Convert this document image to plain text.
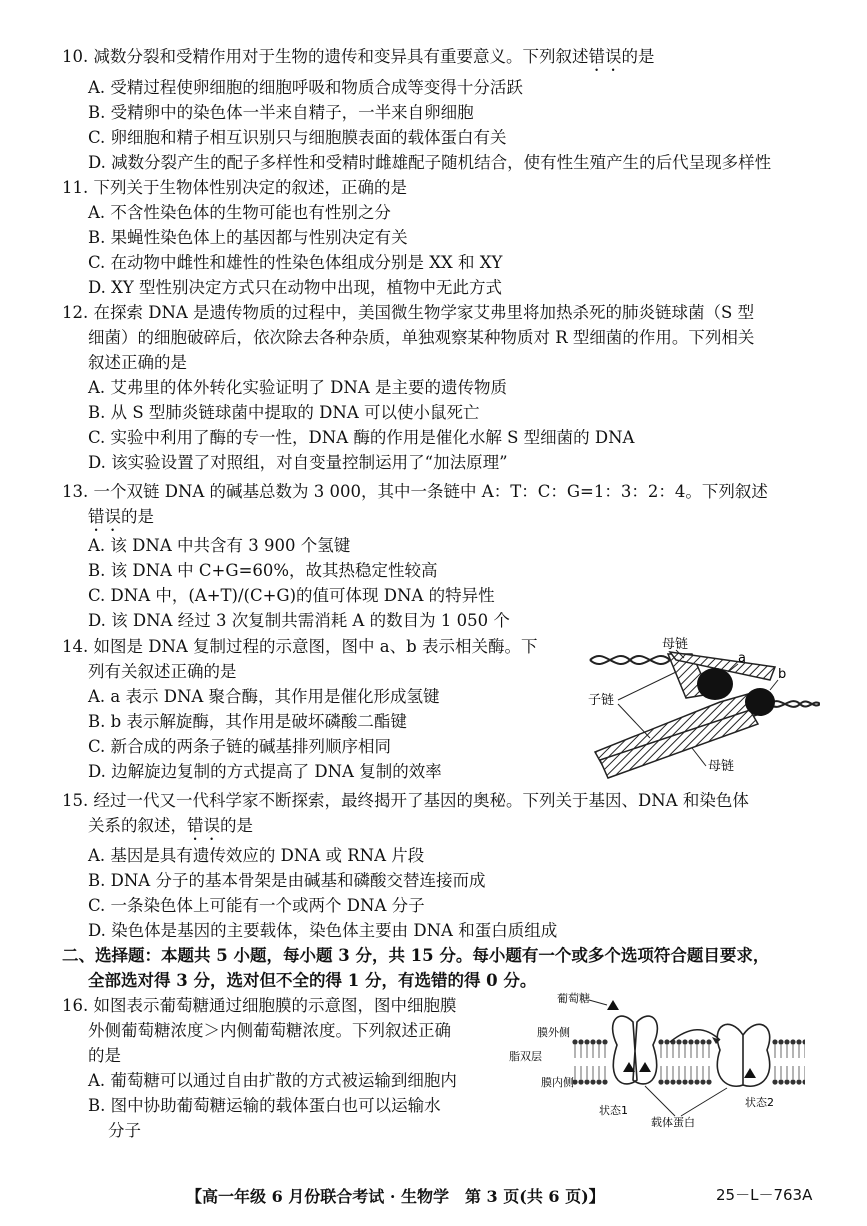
10. 减数分裂和受精作用对于生物的遗传和变异具有重要意义。下列叙述错误的是
A. 受精过程使卵细胞的细胞呼吸和物质合成等变得十分活跃
B. 受精卵中的染色体一半来自精子，一半来自卵细胞
C. 卵细胞和精子相互识别只与细胞膜表面的载体蛋白有关
D. 减数分裂产生的配子多样性和受精时雌雄配子随机结合，使有性生殖产生的后代呈现多样性
11. 下列关于生物体性别决定的叙述，正确的是
A. 不含性染色体的生物可能也有性别之分
B. 果蝇性染色体上的基因都与性别决定有关
C. 在动物中雌性和雄性的性染色体组成分别是 XX 和 XY
D. XY 型性别决定方式只在动物中出现，植物中无此方式
12. 在探索 DNA 是遗传物质的过程中，美国微生物学家艾弗里将加热杀死的肺炎链球菌（S 型
细菌）的细胞破碎后，依次除去各种杂质，单独观察某种物质对 R 型细菌的作用。下列相关
叙述正确的是
A. 艾弗里的体外转化实验证明了 DNA 是主要的遗传物质
B. 从 S 型肺炎链球菌中提取的 DNA 可以使小鼠死亡
C. 实验中利用了酶的专一性，DNA 酶的作用是催化水解 S 型细菌的 DNA
D. 该实验设置了对照组，对自变量控制运用了“加法原理”
13. 一个双链 DNA 的碱基总数为 3 000，其中一条链中 A：T：C：G=1：3：2：4。下列叙述
错误的是
A. 该 DNA 中共含有 3 900 个氢键
B. 该 DNA 中 C+G=60%，故其热稳定性较高
C. DNA 中，(A+T)/(C+G)的值可体现 DNA 的特异性
D. 该 DNA 经过 3 次复制共需消耗 A 的数目为 1 050 个
14. 如图是 DNA 复制过程的示意图，图中 a、b 表示相关酶。下
列有关叙述正确的是
A. a 表示 DNA 聚合酶，其作用是催化形成氢键
B. b 表示解旋酶，其作用是破坏磷酸二酯键
C. 新合成的两条子链的碱基排列顺序相同
D. 边解旋边复制的方式提高了 DNA 复制的效率
母链
a
b
子链
母链
15. 经过一代又一代科学家不断探索，最终揭开了基因的奥秘。下列关于基因、DNA 和染色体
关系的叙述，错误的是
A. 基因是具有遗传效应的 DNA 或 RNA 片段
B. DNA 分子的基本骨架是由碱基和磷酸交替连接而成
C. 一条染色体上可能有一个或两个 DNA 分子
D. 染色体是基因的主要载体，染色体主要由 DNA 和蛋白质组成
二、选择题：本题共 5 小题，每小题 3 分，共 15 分。每小题有一个或多个选项符合题目要求，
全部选对得 3 分，选对但不全的得 1 分，有选错的得 0 分。
16. 如图表示葡萄糖通过细胞膜的示意图，图中细胞膜
外侧葡萄糖浓度＞内侧葡萄糖浓度。下列叙述正确
的是
A. 葡萄糖可以通过自由扩散的方式被运输到细胞内
B. 图中协助葡萄糖运输的载体蛋白也可以运输水
分子
葡萄糖
膜外侧
脂双层
膜内侧
状态1
载体蛋白
状态2
【高一年级 6 月份联合考试 · 生物学　第 3 页(共 6 页)】	25－L－763A
